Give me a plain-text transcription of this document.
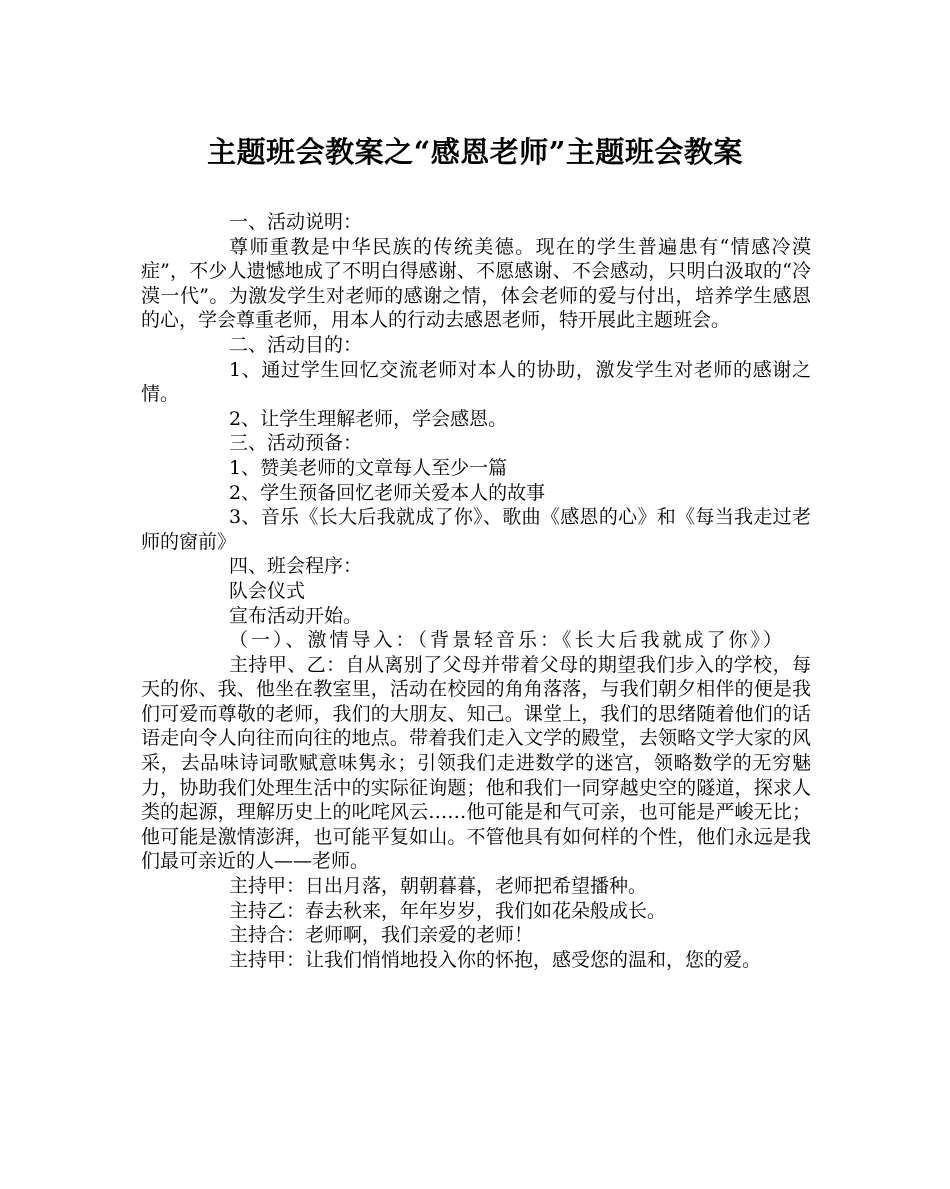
主题班会教案之“感恩老师”主题班会教案

一、活动说明：

尊师重教是中华民族的传统美德。现在的学生普遍患有“情感冷漠症”，不少人遗憾地成了不明白得感谢、不愿感谢、不会感动，只明白汲取的“冷漠一代”。为激发学生对老师的感谢之情，体会老师的爱与付出，培养学生感恩的心，学会尊重老师，用本人的行动去感恩老师，特开展此主题班会。

二、活动目的：

1、通过学生回忆交流老师对本人的协助，激发学生对老师的感谢之情。

2、让学生理解老师，学会感恩。

三、活动预备：

1、赞美老师的文章每人至少一篇

2、学生预备回忆老师关爱本人的故事

3、音乐《长大后我就成了你》、歌曲《感恩的心》和《每当我走过老师的窗前》

四、班会程序：

队会仪式

宣布活动开始。

（一）、激情导入：（背景轻音乐：《长大后我就成了你》）

主持甲、乙：自从离别了父母并带着父母的期望我们步入的学校，每天的你、我、他坐在教室里，活动在校园的角角落落，与我们朝夕相伴的便是我们可爱而尊敬的老师，我们的大朋友、知己。课堂上，我们的思绪随着他们的话语走向令人向往而向往的地点。带着我们走入文学的殿堂，去领略文学大家的风采，去品味诗词歌赋意味隽永；引领我们走进数学的迷宫，领略数学的无穷魅力，协助我们处理生活中的实际征询题；他和我们一同穿越史空的隧道，探求人类的起源，理解历史上的叱咤风云……他可能是和气可亲，也可能是严峻无比；他可能是激情澎湃，也可能平复如山。不管他具有如何样的个性，他们永远是我们最可亲近的人——老师。

主持甲：日出月落，朝朝暮暮，老师把希望播种。

主持乙：春去秋来，年年岁岁，我们如花朵般成长。

主持合：老师啊，我们亲爱的老师！

主持甲：让我们悄悄地投入你的怀抱，感受您的温和，您的爱。
